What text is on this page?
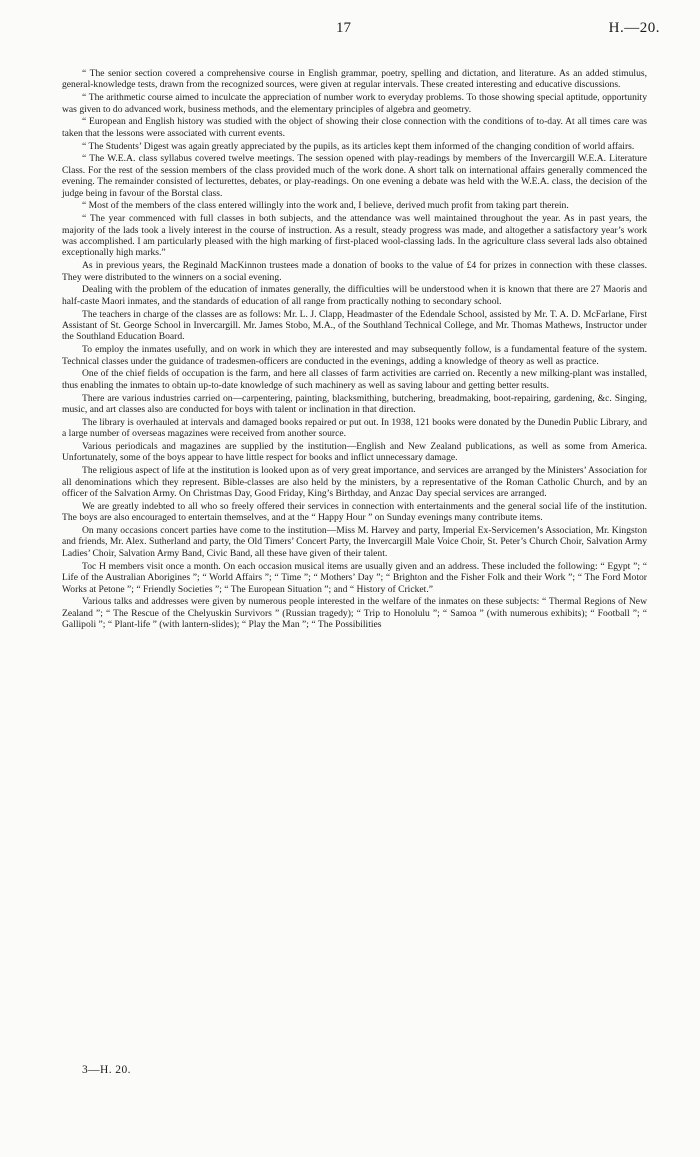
17	H.—20.

“ The senior section covered a comprehensive course in English grammar, poetry, spelling and dictation, and literature. As an added stimulus, general-knowledge tests, drawn from the recognized sources, were given at regular intervals. These created interesting and educative discussions.

“ The arithmetic course aimed to inculcate the appreciation of number work to everyday problems. To those showing special aptitude, opportunity was given to do advanced work, business methods, and the elementary principles of algebra and geometry.

“ European and English history was studied with the object of showing their close connection with the conditions of to-day. At all times care was taken that the lessons were associated with current events.

“ The Students’ Digest was again greatly appreciated by the pupils, as its articles kept them informed of the changing condition of world affairs.

“ The W.E.A. class syllabus covered twelve meetings. The session opened with play-readings by members of the Invercargill W.E.A. Literature Class. For the rest of the session members of the class provided much of the work done. A short talk on international affairs generally commenced the evening. The remainder consisted of lecturettes, debates, or play-readings. On one evening a debate was held with the W.E.A. class, the decision of the judge being in favour of the Borstal class.

“ Most of the members of the class entered willingly into the work and, I believe, derived much profit from taking part therein.

“ The year commenced with full classes in both subjects, and the attendance was well maintained throughout the year. As in past years, the majority of the lads took a lively interest in the course of instruction. As a result, steady progress was made, and altogether a satisfactory year’s work was accomplished. I am particularly pleased with the high marking of first-placed wool-classing lads. In the agriculture class several lads also obtained exceptionally high marks.”

As in previous years, the Reginald MacKinnon trustees made a donation of books to the value of £4 for prizes in connection with these classes. They were distributed to the winners on a social evening.

Dealing with the problem of the education of inmates generally, the difficulties will be understood when it is known that there are 27 Maoris and half-caste Maori inmates, and the standards of education of all range from practically nothing to secondary school.

The teachers in charge of the classes are as follows: Mr. L. J. Clapp, Headmaster of the Edendale School, assisted by Mr. T. A. D. McFarlane, First Assistant of St. George School in Invercargill. Mr. James Stobo, M.A., of the Southland Technical College, and Mr. Thomas Mathews, Instructor under the Southland Education Board.

To employ the inmates usefully, and on work in which they are interested and may subsequently follow, is a fundamental feature of the system. Technical classes under the guidance of tradesmen-officers are conducted in the evenings, adding a knowledge of theory as well as practice.

One of the chief fields of occupation is the farm, and here all classes of farm activities are carried on. Recently a new milking-plant was installed, thus enabling the inmates to obtain up-to-date knowledge of such machinery as well as saving labour and getting better results.

There are various industries carried on—carpentering, painting, blacksmithing, butchering, breadmaking, boot-repairing, gardening, &c. Singing, music, and art classes also are conducted for boys with talent or inclination in that direction.

The library is overhauled at intervals and damaged books repaired or put out. In 1938, 121 books were donated by the Dunedin Public Library, and a large number of overseas magazines were received from another source.

Various periodicals and magazines are supplied by the institution—English and New Zealand publications, as well as some from America. Unfortunately, some of the boys appear to have little respect for books and inflict unnecessary damage.

The religious aspect of life at the institution is looked upon as of very great importance, and services are arranged by the Ministers’ Association for all denominations which they represent. Bible-classes are also held by the ministers, by a representative of the Roman Catholic Church, and by an officer of the Salvation Army. On Christmas Day, Good Friday, King’s Birthday, and Anzac Day special services are arranged.

We are greatly indebted to all who so freely offered their services in connection with entertainments and the general social life of the institution. The boys are also encouraged to entertain themselves, and at the “ Happy Hour ” on Sunday evenings many contribute items.

On many occasions concert parties have come to the institution—Miss M. Harvey and party, Imperial Ex-Servicemen’s Association, Mr. Kingston and friends, Mr. Alex. Sutherland and party, the Old Timers’ Concert Party, the Invercargill Male Voice Choir, St. Peter’s Church Choir, Salvation Army Ladies’ Choir, Salvation Army Band, Civic Band, all these have given of their talent.

Toc H members visit once a month. On each occasion musical items are usually given and an address. These included the following: “ Egypt ”; “ Life of the Australian Aborigines ”; “ World Affairs ”; “ Time ”; “ Mothers’ Day ”; “ Brighton and the Fisher Folk and their Work ”; “ The Ford Motor Works at Petone ”; “ Friendly Societies ”; “ The European Situation ”; and “ History of Cricket.”

Various talks and addresses were given by numerous people interested in the welfare of the inmates on these subjects: “ Thermal Regions of New Zealand ”; “ The Rescue of the Chelyuskin Survivors ” (Russian tragedy); “ Trip to Honolulu ”; “ Samoa ” (with numerous exhibits); “ Football ”; “ Gallipoli ”; “ Plant-life ” (with lantern-slides); “ Play the Man ”; “ The Possibilities

3—H. 20.
